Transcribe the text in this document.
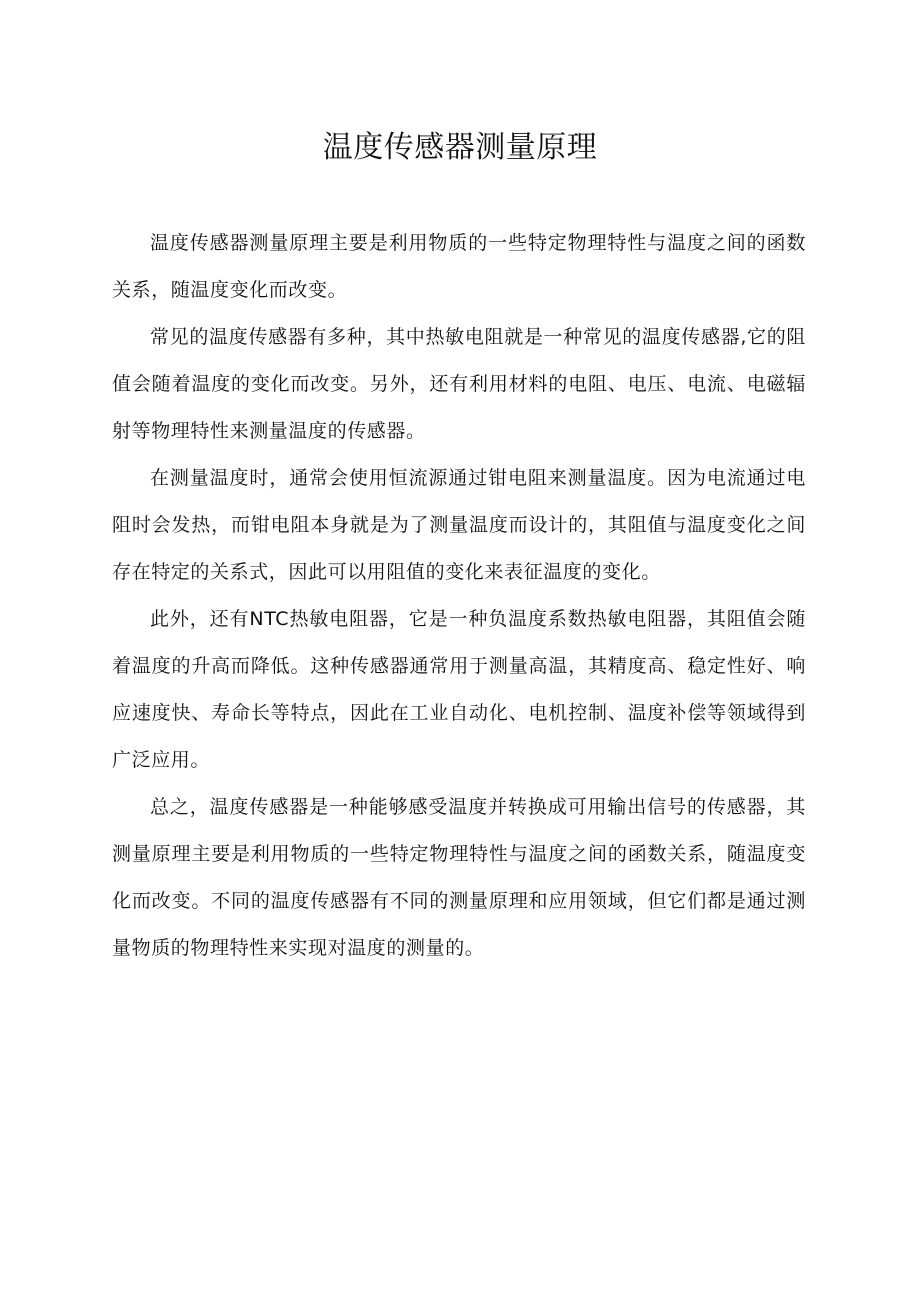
温度传感器测量原理

温度传感器测量原理主要是利用物质的一些特定物理特性与温度之间的函数关系，随温度变化而改变。

常见的温度传感器有多种，其中热敏电阻就是一种常见的温度传感器,它的阻值会随着温度的变化而改变。另外，还有利用材料的电阻、电压、电流、电磁辐射等物理特性来测量温度的传感器。

在测量温度时，通常会使用恒流源通过钳电阻来测量温度。因为电流通过电阻时会发热，而钳电阻本身就是为了测量温度而设计的，其阻值与温度变化之间存在特定的关系式，因此可以用阻值的变化来表征温度的变化。

此外，还有NTC热敏电阻器，它是一种负温度系数热敏电阻器，其阻值会随着温度的升高而降低。这种传感器通常用于测量高温，其精度高、稳定性好、响应速度快、寿命长等特点，因此在工业自动化、电机控制、温度补偿等领域得到广泛应用。

总之，温度传感器是一种能够感受温度并转换成可用输出信号的传感器，其测量原理主要是利用物质的一些特定物理特性与温度之间的函数关系，随温度变化而改变。不同的温度传感器有不同的测量原理和应用领域，但它们都是通过测量物质的物理特性来实现对温度的测量的。
